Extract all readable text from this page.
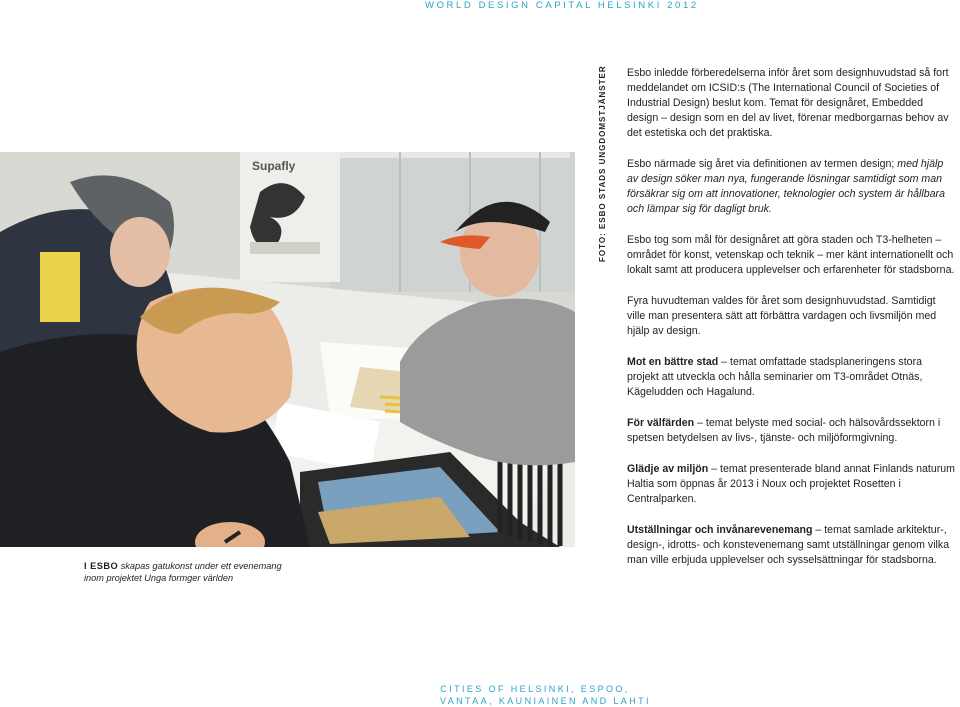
WORLD DESIGN CAPITAL HELSINKI 2012
Supafly	FOTO: ESBO STADS UNGDOMSTJÄNSTER
I ESBO skapas gatukonst under ett evenemang inom projektet Unga formger världen

Esbo inledde förberedelserna inför året som designhuvudstad så fort meddelandet om ICSID:s (The International Council of Societies of Industrial Design) beslut kom. Temat för designåret, Embedded design – design som en del av livet, förenar medborgarnas behov av det estetiska och det praktiska.

Esbo närmade sig året via definitionen av termen design; med hjälp av design söker man nya, fungerande lösningar samtidigt som man försäkrar sig om att innovationer, teknologier och system är hållbara och lämpar sig för dagligt bruk.

Esbo tog som mål för designåret att göra staden och T3-helheten – området för konst, vetenskap och teknik – mer känt internationellt och lokalt samt att producera upplevelser och erfarenheter för stadsborna.

Fyra huvudteman valdes för året som designhuvudstad. Samtidigt ville man presentera sätt att förbättra vardagen och livsmiljön med hjälp av design.

Mot en bättre stad – temat omfattade stadsplaneringens stora projekt att utveckla och hålla seminarier om T3-området Otnäs, Kägeludden och Hagalund.

För välfärden – temat belyste med social- och hälsovårdssektorn i spetsen betydelsen av livs-, tjänste- och miljöformgivning.

Glädje av miljön – temat presenterade bland annat Finlands naturum Haltia som öppnas år 2013 i Noux och projektet Rosetten i Centralparken.

Utställningar och invånarevenemang – temat samlade arkitektur-, design-, idrotts- och konstevenemang samt utställningar genom vilka man ville erbjuda upplevelser och sysselsättningar för stadsborna.

CITIES OF HELSINKI, ESPOO,
VANTAA, KAUNIAINEN AND LAHTI
